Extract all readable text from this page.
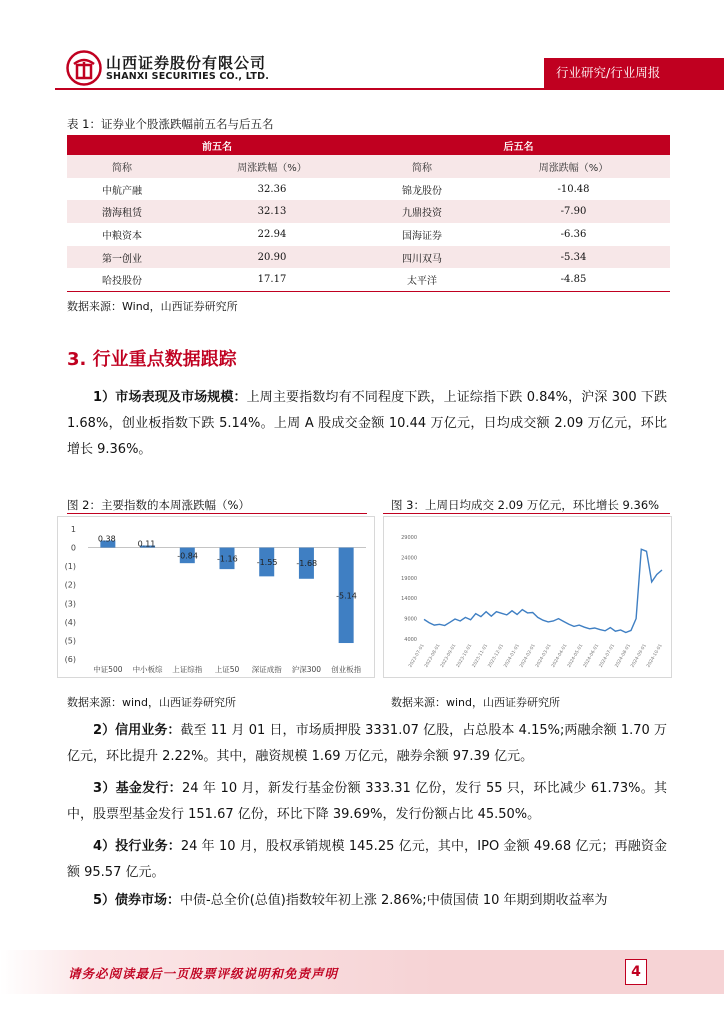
山西证券股份有限公司
SHANXI SECURITIES CO., LTD.	行业研究/行业周报
表 1：证券业个股涨跌幅前五名与后五名
前五名		后五名	
简称	周涨跌幅（%）	简称	周涨跌幅（%）
中航产融	32.36	锦龙股份	-10.48
渤海租赁	32.13	九鼎投资	-7.90
中粮资本	22.94	国海证券	-6.36
第一创业	20.90	四川双马	-5.34
哈投股份	17.17	太平洋	-4.85
数据来源：Wind，山西证券研究所
3. 行业重点数据跟踪
1）市场表现及市场规模：上周主要指数均有不同程度下跌，上证综指下跌 0.84%，沪深 300 下跌 1.68%，创业板指数下跌 5.14%。上周 A 股成交金额 10.44 万亿元，日均成交额 2.09 万亿元，环比增长 9.36%。
图 2：主要指数的本周涨跌幅（%）
1
0
(1)
(2)
(3)
(4)
(5)
(6)
0.38
0.11
-0.84 -1.16 -1.55 -1.68
-5.14
中证500 中小板综 上证综指 上证50 深证成指 沪深300 创业板指
数据来源：wind，山西证券研究所
图 3：上周日均成交 2.09 万亿元，环比增长 9.36%
4000
9000
14000
19000
24000
29000
2023-07-01
2023-08-01
2023-09-01
2023-10-01
2023-11-01
2023-12-01
2024-01-01
2024-02-01
2024-03-01
2024-04-01
2024-05-01
2024-06-01
2024-07-01
2024-08-01
2024-09-01
2024-10-01
数据来源：wind，山西证券研究所
2）信用业务：截至 11 月 01 日，市场质押股 3331.07 亿股，占总股本 4.15%;两融余额 1.70 万亿元，环比提升 2.22%。其中，融资规模 1.69 万亿元，融券余额 97.39 亿元。
3）基金发行：24 年 10 月，新发行基金份额 333.31 亿份，发行 55 只，环比减少 61.73%。其中，股票型基金发行 151.67 亿份，环比下降 39.69%，发行份额占比 45.50%。
4）投行业务：24 年 10 月，股权承销规模 145.25 亿元，其中，IPO 金额 49.68 亿元；再融资金额 95.57 亿元。
5）债券市场：中债-总全价(总值)指数较年初上涨 2.86%;中债国债 10 年期到期收益率为
请务必阅读最后一页股票评级说明和免责声明	4
